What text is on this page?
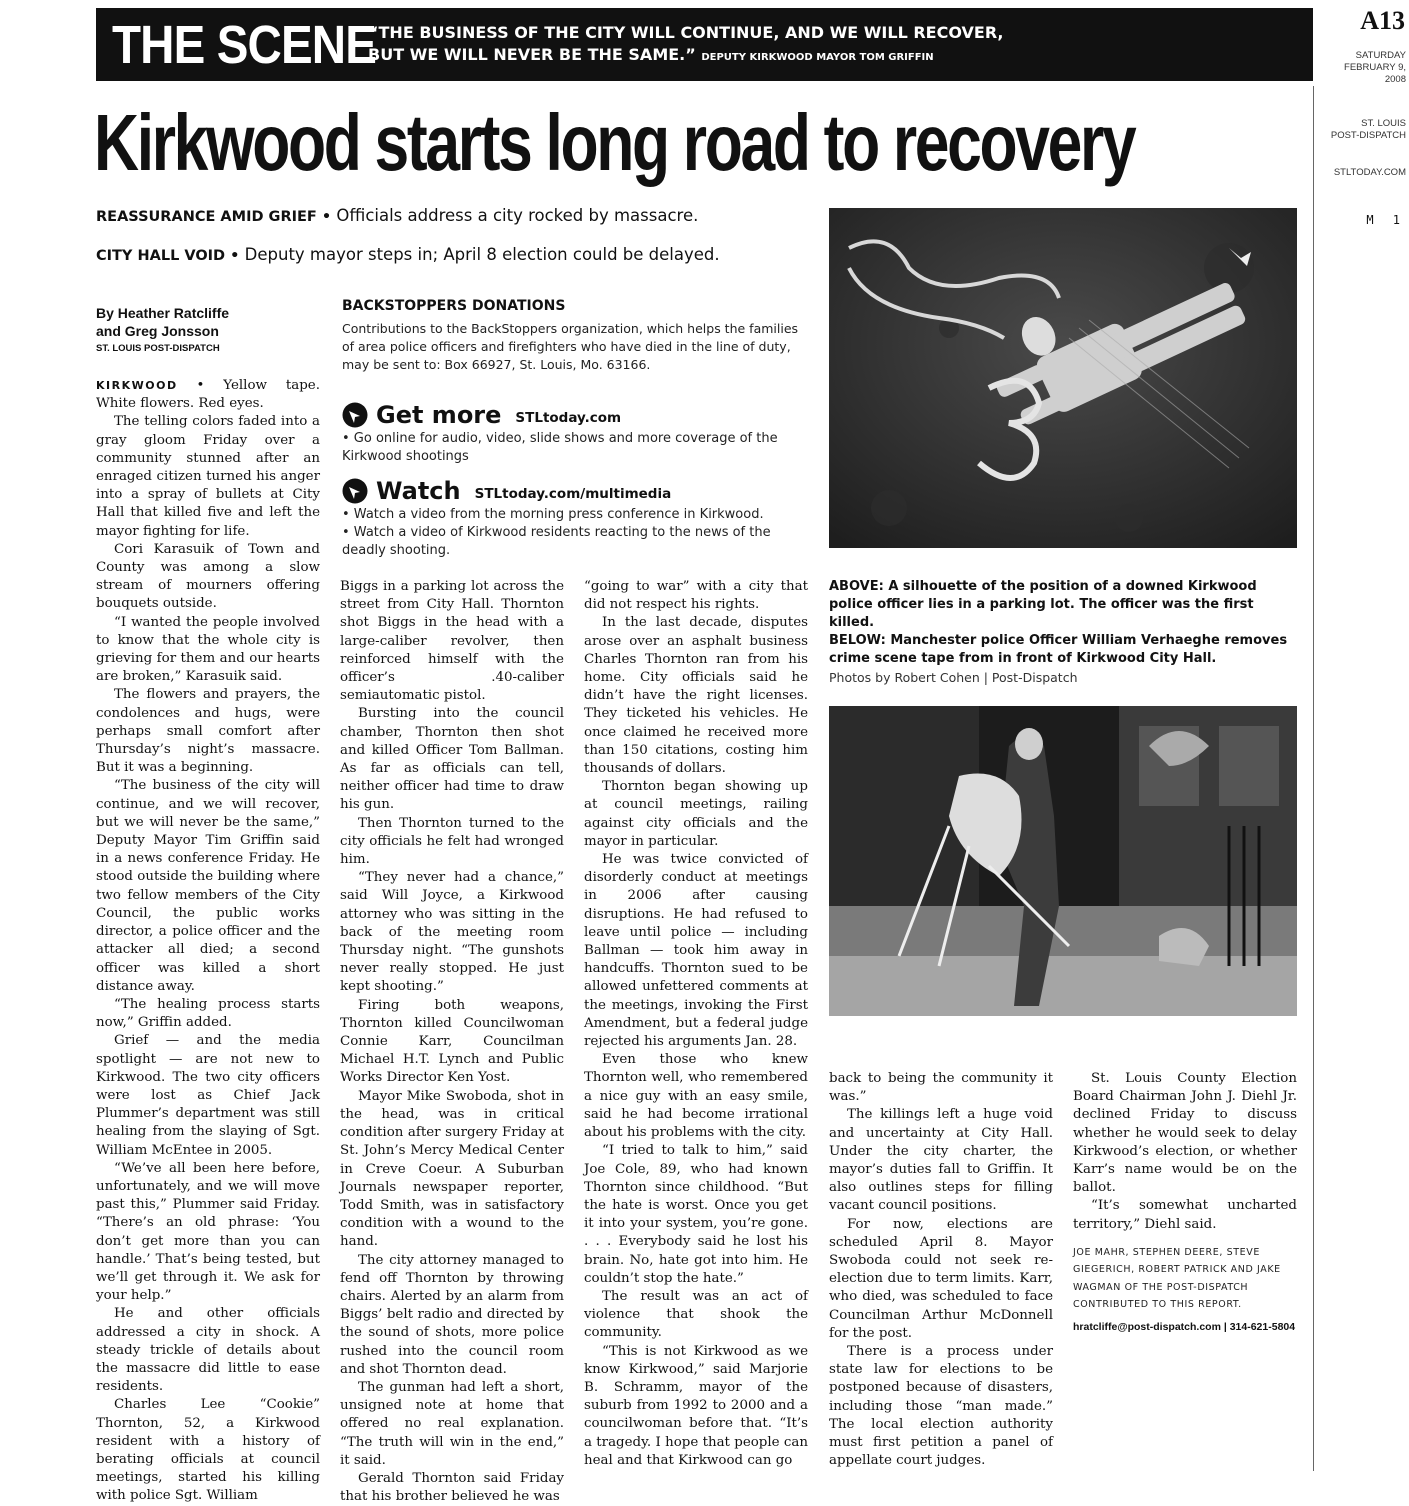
THE SCENE
“THE BUSINESS OF THE CITY WILL CONTINUE, AND WE WILL RECOVER,
BUT WE WILL NEVER BE THE SAME.” DEPUTY KIRKWOOD MAYOR TOM GRIFFIN
A13
SATURDAY
FEBRUARY 9,
2008
ST. LOUIS
POST-DISPATCH
STLTODAY.COM
M 1
Kirkwood starts long road to recovery
REASSURANCE AMID GRIEF • Officials address a city rocked by massacre.
CITY HALL VOID • Deputy mayor steps in; April 8 election could be delayed.
By Heather Ratcliffe
and Greg Jonsson
ST. LOUIS POST-DISPATCH
BACKSTOPPERS DONATIONS
Contributions to the BackStoppers organization, which helps the families of area police officers and firefighters who have died in the line of duty, may be sent to: Box 66927, St. Louis, Mo. 63166.
Get more STLtoday.com
• Go online for audio, video, slide shows and more coverage of the Kirkwood shootings
Watch STLtoday.com/multimedia
• Watch a video from the morning press conference in Kirkwood.
• Watch a video of Kirkwood residents reacting to the news of the deadly shooting.
ABOVE: A silhouette of the position of a downed Kirkwood police officer lies in a parking lot. The officer was the first killed.
BELOW: Manchester police Officer William Verhaeghe removes crime scene tape from in front of Kirkwood City Hall.
Photos by Robert Cohen | Post-Dispatch

KIRKWOOD • Yellow tape. White flowers. Red eyes.

The telling colors faded into a gray gloom Friday over a community stunned after an enraged citizen turned his anger into a spray of bullets at City Hall that killed five and left the mayor fighting for life.

Cori Karasuik of Town and County was among a slow stream of mourners offering bouquets outside.

“I wanted the people involved to know that the whole city is grieving for them and our hearts are broken,” Karasuik said.

The flowers and prayers, the condolences and hugs, were perhaps small comfort after Thursday’s night’s massacre. But it was a beginning.

“The business of the city will continue, and we will recover, but we will never be the same,” Deputy Mayor Tim Griffin said in a news conference Friday. He stood outside the building where two fellow members of the City Council, the public works director, a police officer and the attacker all died; a second officer was killed a short distance away.

“The healing process starts now,” Griffin added.

Grief — and the media spotlight — are not new to Kirkwood. The two city officers were lost as Chief Jack Plummer’s department was still healing from the slaying of Sgt. William McEntee in 2005.

“We’ve all been here before, unfortunately, and we will move past this,” Plummer said Friday. “There’s an old phrase: ‘You don’t get more than you can handle.’ That’s being tested, but we’ll get through it. We ask for your help.”

He and other officials addressed a city in shock. A steady trickle of details about the massacre did little to ease residents.

Charles Lee “Cookie” Thornton, 52, a Kirkwood resident with a history of berating officials at council meetings, started his killing with police Sgt. William

Biggs in a parking lot across the street from City Hall. Thornton shot Biggs in the head with a large-caliber revolver, then reinforced himself with the officer’s .40-caliber semiautomatic pistol.

Bursting into the council chamber, Thornton then shot and killed Officer Tom Ballman. As far as officials can tell, neither officer had time to draw his gun.

Then Thornton turned to the city officials he felt had wronged him.

“They never had a chance,” said Will Joyce, a Kirkwood attorney who was sitting in the back of the meeting room Thursday night. “The gunshots never really stopped. He just kept shooting.”

Firing both weapons, Thornton killed Councilwoman Connie Karr, Councilman Michael H.T. Lynch and Public Works Director Ken Yost.

Mayor Mike Swoboda, shot in the head, was in critical condition after surgery Friday at St. John’s Mercy Medical Center in Creve Coeur. A Suburban Journals newspaper reporter, Todd Smith, was in satisfactory condition with a wound to the hand.

The city attorney managed to fend off Thornton by throwing chairs. Alerted by an alarm from Biggs’ belt radio and directed by the sound of shots, more police rushed into the council room and shot Thornton dead.

The gunman had left a short, unsigned note at home that offered no real explanation. “The truth will win in the end,” it said.

Gerald Thornton said Friday that his brother believed he was

“going to war” with a city that did not respect his rights.

In the last decade, disputes arose over an asphalt business Charles Thornton ran from his home. City officials said he didn’t have the right licenses. They ticketed his vehicles. He once claimed he received more than 150 citations, costing him thousands of dollars.

Thornton began showing up at council meetings, railing against city officials and the mayor in particular.

He was twice convicted of disorderly conduct at meetings in 2006 after causing disruptions. He had refused to leave until police — including Ballman — took him away in handcuffs. Thornton sued to be allowed unfettered comments at the meetings, invoking the First Amendment, but a federal judge rejected his arguments Jan. 28.

Even those who knew Thornton well, who remembered a nice guy with an easy smile, said he had become irrational about his problems with the city.

“I tried to talk to him,” said Joe Cole, 89, who had known Thornton since childhood. “But the hate is worst. Once you get it into your system, you’re gone. . . . Everybody said he lost his brain. No, hate got into him. He couldn’t stop the hate.”

The result was an act of violence that shook the community.

“This is not Kirkwood as we know Kirkwood,” said Marjorie B. Schramm, mayor of the suburb from 1992 to 2000 and a councilwoman before that. “It’s a tragedy. I hope that people can heal and that Kirkwood can go

back to being the community it was.”

The killings left a huge void and uncertainty at City Hall. Under the city charter, the mayor’s duties fall to Griffin. It also outlines steps for filling vacant council positions.

For now, elections are scheduled April 8. Mayor Swoboda could not seek re-election due to term limits. Karr, who died, was scheduled to face Councilman Arthur McDonnell for the post.

There is a process under state law for elections to be postponed because of disasters, including those “man made.” The local election authority must first petition a panel of appellate court judges.

St. Louis County Election Board Chairman John J. Diehl Jr. declined Friday to discuss whether he would seek to delay Kirkwood’s election, or whether Karr’s name would be on the ballot.

“It’s somewhat uncharted territory,” Diehl said.

JOE MAHR, STEPHEN DEERE, STEVE GIEGERICH, ROBERT PATRICK AND JAKE WAGMAN OF THE POST-DISPATCH CONTRIBUTED TO THIS REPORT.
hratcliffe@post-dispatch.com | 314-621-5804
